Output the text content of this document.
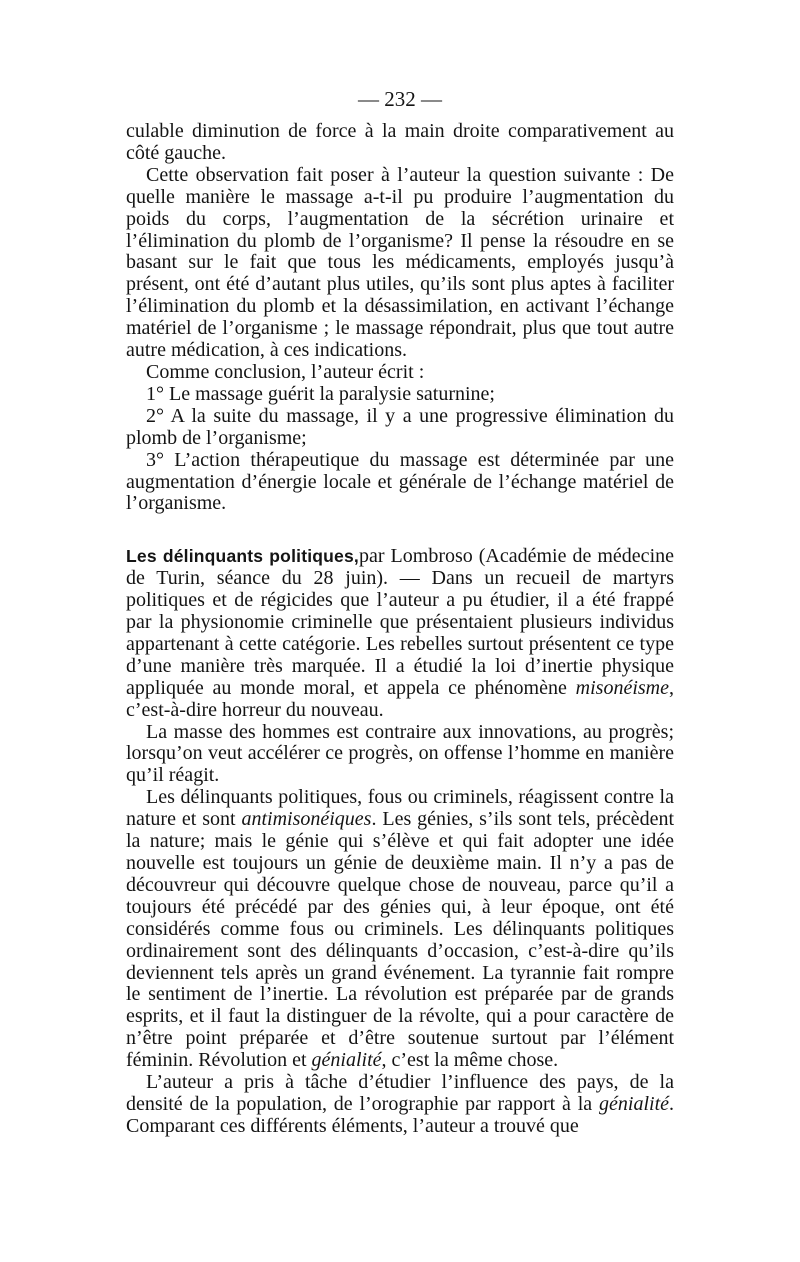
— 232 —

culable diminution de force à la main droite comparativement au côté gauche.

Cette observation fait poser à l’auteur la question suivante : De quelle manière le massage a-t-il pu produire l’augmentation du poids du corps, l’augmentation de la sécrétion urinaire et l’élimination du plomb de l’organisme? Il pense la résoudre en se basant sur le fait que tous les médicaments, employés jusqu’à présent, ont été d’autant plus utiles, qu’ils sont plus aptes à faciliter l’élimination du plomb et la désassimilation, en activant l’échange matériel de l’organisme ; le massage répondrait, plus que tout autre autre médication, à ces indications.

Comme conclusion, l’auteur écrit :

1° Le massage guérit la paralysie saturnine;

2° A la suite du massage, il y a une progressive élimination du plomb de l’organisme;

3° L’action thérapeutique du massage est déterminée par une augmentation d’énergie locale et générale de l’échange matériel de l’organisme.

Les délinquants politiques,par Lombroso (Académie de médecine de Turin, séance du 28 juin). — Dans un recueil de martyrs politiques et de régicides que l’auteur a pu étudier, il a été frappé par la physionomie criminelle que présentaient plusieurs individus appartenant à cette catégorie. Les rebelles surtout présentent ce type d’une manière très marquée. Il a étudié la loi d’inertie physique appliquée au monde moral, et appela ce phénomène misonéisme, c’est-à-dire horreur du nouveau.

La masse des hommes est contraire aux innovations, au progrès; lorsqu’on veut accélérer ce progrès, on offense l’homme en manière qu’il réagit.

Les délinquants politiques, fous ou criminels, réagissent contre la nature et sont antimisonéiques. Les génies, s’ils sont tels, précèdent la nature; mais le génie qui s’élève et qui fait adopter une idée nouvelle est toujours un génie de deuxième main. Il n’y a pas de découvreur qui découvre quelque chose de nouveau, parce qu’il a toujours été précédé par des génies qui, à leur époque, ont été considérés comme fous ou criminels. Les délinquants politiques ordinairement sont des délinquants d’occasion, c’est-à-dire qu’ils deviennent tels après un grand événement. La tyrannie fait rompre le sentiment de l’inertie. La révolution est préparée par de grands esprits, et il faut la distinguer de la révolte, qui a pour caractère de n’être point préparée et d’être soutenue surtout par l’élément féminin. Révolution et génialité, c’est la même chose.

L’auteur a pris à tâche d’étudier l’influence des pays, de la densité de la population, de l’orographie par rapport à la génialité. Comparant ces différents éléments, l’auteur a trouvé que
